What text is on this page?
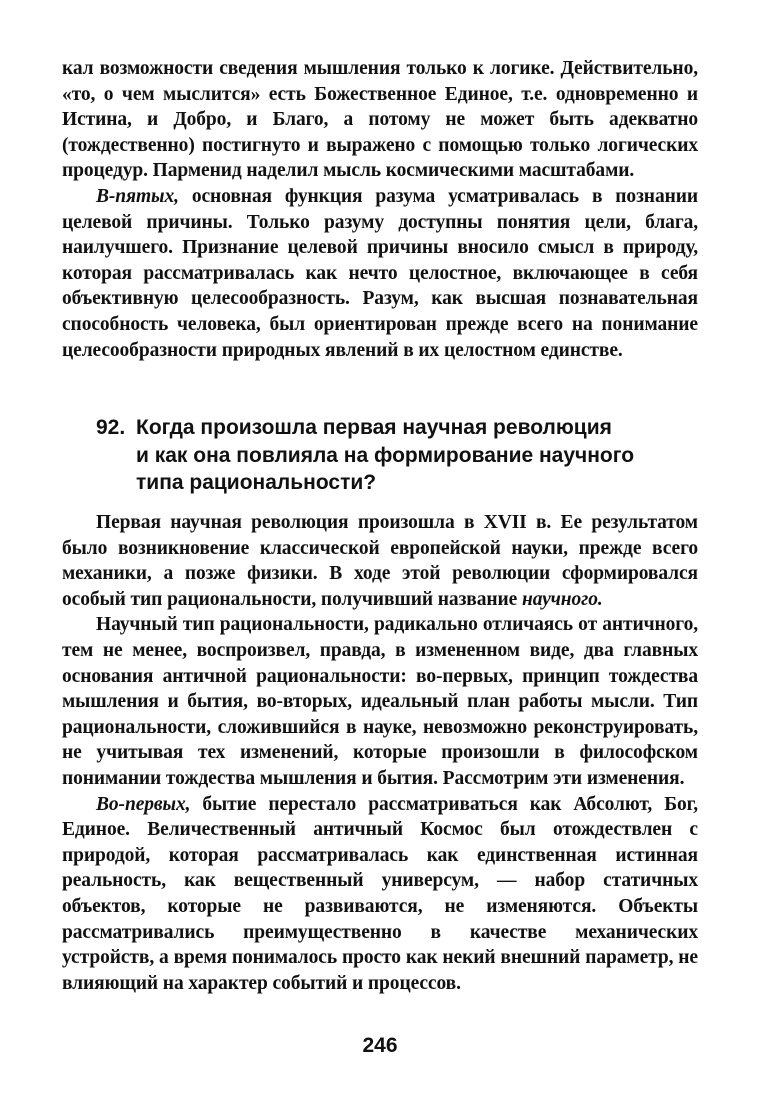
кал возможности сведения мышления только к логике. Действительно, «то, о чем мыслится» есть Божественное Единое, т.е. одновременно и Истина, и Добро, и Благо, а потому не может быть адекватно (тождественно) постигнуто и выражено с помощью только логических процедур. Парменид наделил мысль космическими масштабами.

В-пятых, основная функция разума усматривалась в познании целевой причины. Только разуму доступны понятия цели, блага, наилучшего. Признание целевой причины вносило смысл в природу, которая рассматривалась как нечто целостное, включающее в себя объективную целесообразность. Разум, как высшая познавательная способность человека, был ориентирован прежде всего на понимание целесообразности природных явлений в их целостном единстве.

92. Когда произошла первая научная революция
и как она повлияла на формирование научного
типа рациональности?

Первая научная революция произошла в XVII в. Ее результатом было возникновение классической европейской науки, прежде всего механики, а позже физики. В ходе этой революции сформировался особый тип рациональности, получивший название научного.

Научный тип рациональности, радикально отличаясь от античного, тем не менее, воспроизвел, правда, в измененном виде, два главных основания античной рациональности: во-первых, принцип тождества мышления и бытия, во-вторых, идеальный план работы мысли. Тип рациональности, сложившийся в науке, невозможно реконструировать, не учитывая тех изменений, которые произошли в философском понимании тождества мышления и бытия. Рассмотрим эти изменения.

Во-первых, бытие перестало рассматриваться как Абсолют, Бог, Единое. Величественный античный Космос был отождествлен с природой, которая рассматривалась как единственная истинная реальность, как вещественный универсум, — набор статичных объектов, которые не развиваются, не изменяются. Объекты рассматривались преимущественно в качестве механических устройств, а время понималось просто как некий внешний параметр, не влияющий на характер событий и процессов.

246
